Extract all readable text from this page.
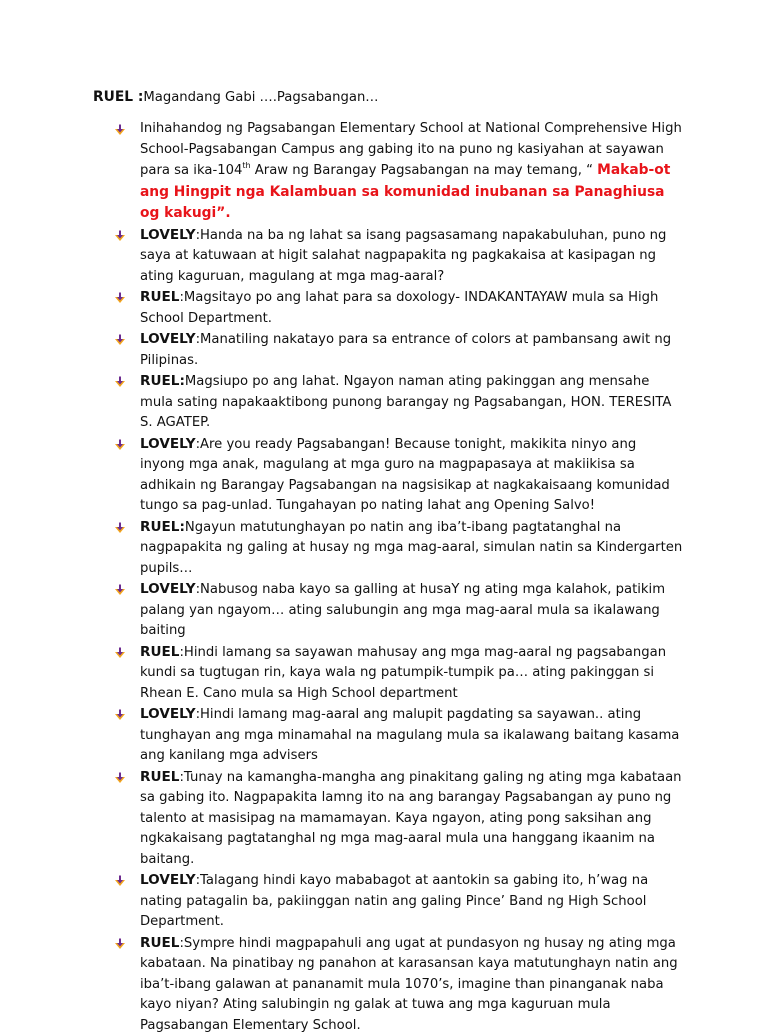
RUEL :Magandang Gabi ….Pagsabangan…
Inihahandog ng Pagsabangan Elementary School at National Comprehensive High School-Pagsabangan Campus ang gabing ito na puno ng kasiyahan at sayawan para sa ika-104th Araw ng Barangay Pagsabangan na may temang, “ Makab-ot ang Hingpit nga Kalambuan sa komunidad inubanan sa Panaghiusa og kakugi”.
LOVELY:Handa na ba ng lahat sa isang pagsasamang napakabuluhan, puno ng saya at katuwaan at higit salahat nagpapakita ng pagkakaisa at kasipagan ng ating kaguruan, magulang at mga mag-aaral?
RUEL:Magsitayo po ang lahat para sa doxology- INDAKANTAYAW mula sa High School Department.
LOVELY:Manatiling nakatayo para sa entrance of colors at pambansang awit ng Pilipinas.
RUEL:Magsiupo po ang lahat. Ngayon naman ating pakinggan ang mensahe mula sating napakaaktibong punong barangay ng Pagsabangan, HON. TERESITA S. AGATEP.
LOVELY:Are you ready Pagsabangan! Because tonight, makikita ninyo ang inyong mga anak, magulang at mga guro na magpapasaya at makiikisa sa adhikain ng Barangay Pagsabangan na nagsisikap at nagkakaisaang komunidad tungo sa pag-unlad. Tungahayan po nating lahat ang Opening Salvo!
RUEL:Ngayun matutunghayan po natin ang iba’t-ibang pagtatanghal na nagpapakita ng galing at husay ng mga mag-aaral, simulan natin sa Kindergarten pupils…
LOVELY:Nabusog naba kayo sa galling at husaY ng ating mga kalahok, patikim palang yan ngayom… ating salubungin ang mga mag-aaral mula sa ikalawang baiting
RUEL:Hindi lamang sa sayawan mahusay ang mga mag-aaral ng pagsabangan kundi sa tugtugan rin, kaya wala ng patumpik-tumpik pa… ating pakinggan si Rhean E. Cano mula sa High School department
LOVELY:Hindi lamang mag-aaral ang malupit pagdating sa sayawan.. ating tunghayan ang mga minamahal na magulang mula sa ikalawang baitang kasama ang kanilang mga advisers
RUEL:Tunay na kamangha-mangha ang pinakitang galing ng ating mga kabataan sa gabing ito. Nagpapakita lamng ito na ang barangay Pagsabangan ay puno ng talento at masisipag na mamamayan. Kaya ngayon, ating pong saksihan ang ngkakaisang pagtatanghal ng mga mag-aaral mula una hanggang ikaanim na baitang.
LOVELY:Talagang hindi kayo mababagot at aantokin sa gabing ito, h’wag na nating patagalin ba, pakiinggan natin ang galing Pince’ Band ng High School Department.
RUEL:Sympre hindi magpapahuli ang ugat at pundasyon ng husay ng ating mga kabataan. Na pinatibay ng panahon at karasansan kaya matutunghayn natin ang iba’t-ibang galawan at pananamit mula 1070’s, imagine than pinanganak naba kayo niyan? Ating salubingin ng galak at tuwa ang mga kaguruan mula Pagsabangan Elementary School.
